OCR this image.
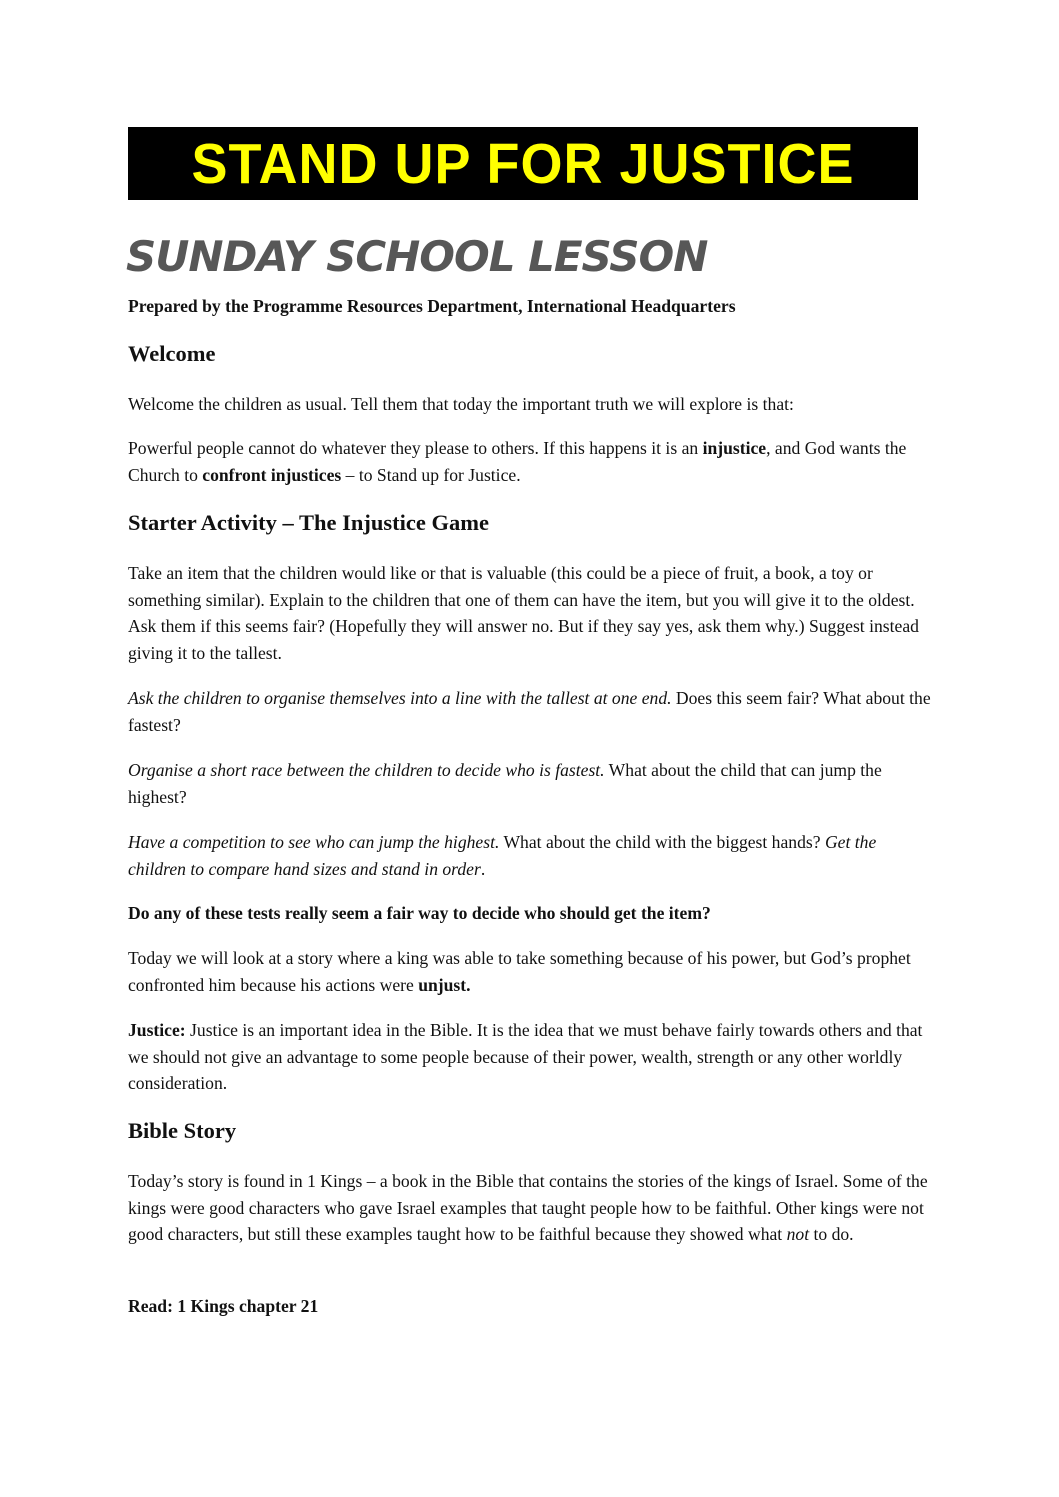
STAND UP FOR JUSTICE
SUNDAY SCHOOL LESSON
Prepared by the Programme Resources Department, International Headquarters
Welcome
Welcome the children as usual. Tell them that today the important truth we will explore is that:
Powerful people cannot do whatever they please to others. If this happens it is an injustice, and God wants the Church to confront injustices – to Stand up for Justice.
Starter Activity – The Injustice Game
Take an item that the children would like or that is valuable (this could be a piece of fruit, a book, a toy or something similar). Explain to the children that one of them can have the item, but you will give it to the oldest. Ask them if this seems fair? (Hopefully they will answer no. But if they say yes, ask them why.) Suggest instead giving it to the tallest.
Ask the children to organise themselves into a line with the tallest at one end. Does this seem fair? What about the fastest?
Organise a short race between the children to decide who is fastest. What about the child that can jump the highest?
Have a competition to see who can jump the highest. What about the child with the biggest hands? Get the children to compare hand sizes and stand in order.
Do any of these tests really seem a fair way to decide who should get the item?
Today we will look at a story where a king was able to take something because of his power, but God’s prophet confronted him because his actions were unjust.
Justice: Justice is an important idea in the Bible. It is the idea that we must behave fairly towards others and that we should not give an advantage to some people because of their power, wealth, strength or any other worldly consideration.
Bible Story
Today’s story is found in 1 Kings – a book in the Bible that contains the stories of the kings of Israel. Some of the kings were good characters who gave Israel examples that taught people how to be faithful. Other kings were not good characters, but still these examples taught how to be faithful because they showed what not to do.
Read: 1 Kings chapter 21
